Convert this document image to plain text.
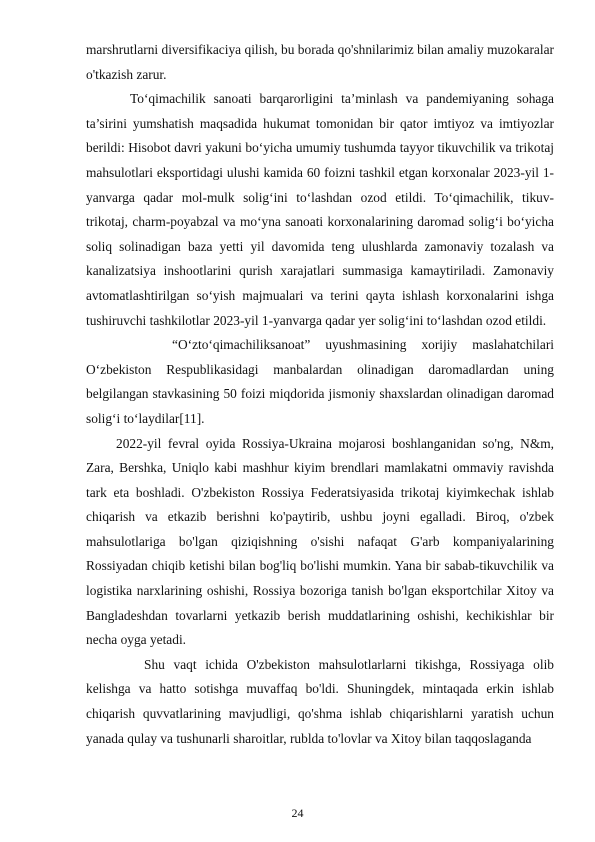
marshrutlarni diversifikaciya qilish, bu borada qo'shnilarimiz bilan amaliy muzokaralar o'tkazish zarur.

To‘qimachilik sanoati barqarorligini ta’minlash va pandemiyaning sohaga ta’sirini yumshatish maqsadida hukumat tomonidan bir qator imtiyoz va imtiyozlar berildi: Hisobot davri yakuni bo‘yicha umumiy tushumda tayyor tikuvchilik va trikotaj mahsulotlari eksportidagi ulushi kamida 60 foizni tashkil etgan korxonalar 2023-yil 1-yanvarga qadar mol-mulk solig‘ini to‘lashdan ozod etildi. To‘qimachilik, tikuv-trikotaj, charm-poyabzal va mo‘yna sanoati korxonalarining daromad solig‘i bo‘yicha soliq solinadigan baza yetti yil davomida teng ulushlarda zamonaviy tozalash va kanalizatsiya inshootlarini qurish xarajatlari summasiga kamaytiriladi. Zamonaviy avtomatlashtirilgan so‘yish majmualari va terini qayta ishlash korxonalarini ishga tushiruvchi tashkilotlar 2023-yil 1-yanvarga qadar yer solig‘ini to‘lashdan ozod etildi.

“O‘zto‘qimachiliksanoat” uyushmasining xorijiy maslahatchilari O‘zbekiston Respublikasidagi manbalardan olinadigan daromadlardan uning belgilangan stavkasining 50 foizi miqdorida jismoniy shaxslardan olinadigan daromad solig‘i to‘laydilar[11].

2022-yil fevral oyida Rossiya-Ukraina mojarosi boshlanganidan so'ng, N&m, Zara, Bershka, Uniqlo kabi mashhur kiyim brendlari mamlakatni ommaviy ravishda tark eta boshladi. O'zbekiston Rossiya Federatsiyasida trikotaj kiyimkechak ishlab chiqarish va etkazib berishni ko'paytirib, ushbu joyni egalladi. Biroq, o'zbek mahsulotlariga bo'lgan qiziqishning o'sishi nafaqat G'arb kompaniyalarining Rossiyadan chiqib ketishi bilan bog'liq bo'lishi mumkin. Yana bir sabab-tikuvchilik va logistika narxlarining oshishi, Rossiya bozoriga tanish bo'lgan eksportchilar Xitoy va Bangladeshdan tovarlarni yetkazib berish muddatlarining oshishi, kechikishlar bir necha oyga yetadi.

Shu vaqt ichida O'zbekiston mahsulotlarlarni tikishga, Rossiyaga olib kelishga va hatto sotishga muvaffaq bo'ldi. Shuningdek, mintaqada erkin ishlab chiqarish quvvatlarining mavjudligi, qo'shma ishlab chiqarishlarni yaratish uchun yanada qulay va tushunarli sharoitlar, rublda to'lovlar va Xitoy bilan taqqoslaganda

24
